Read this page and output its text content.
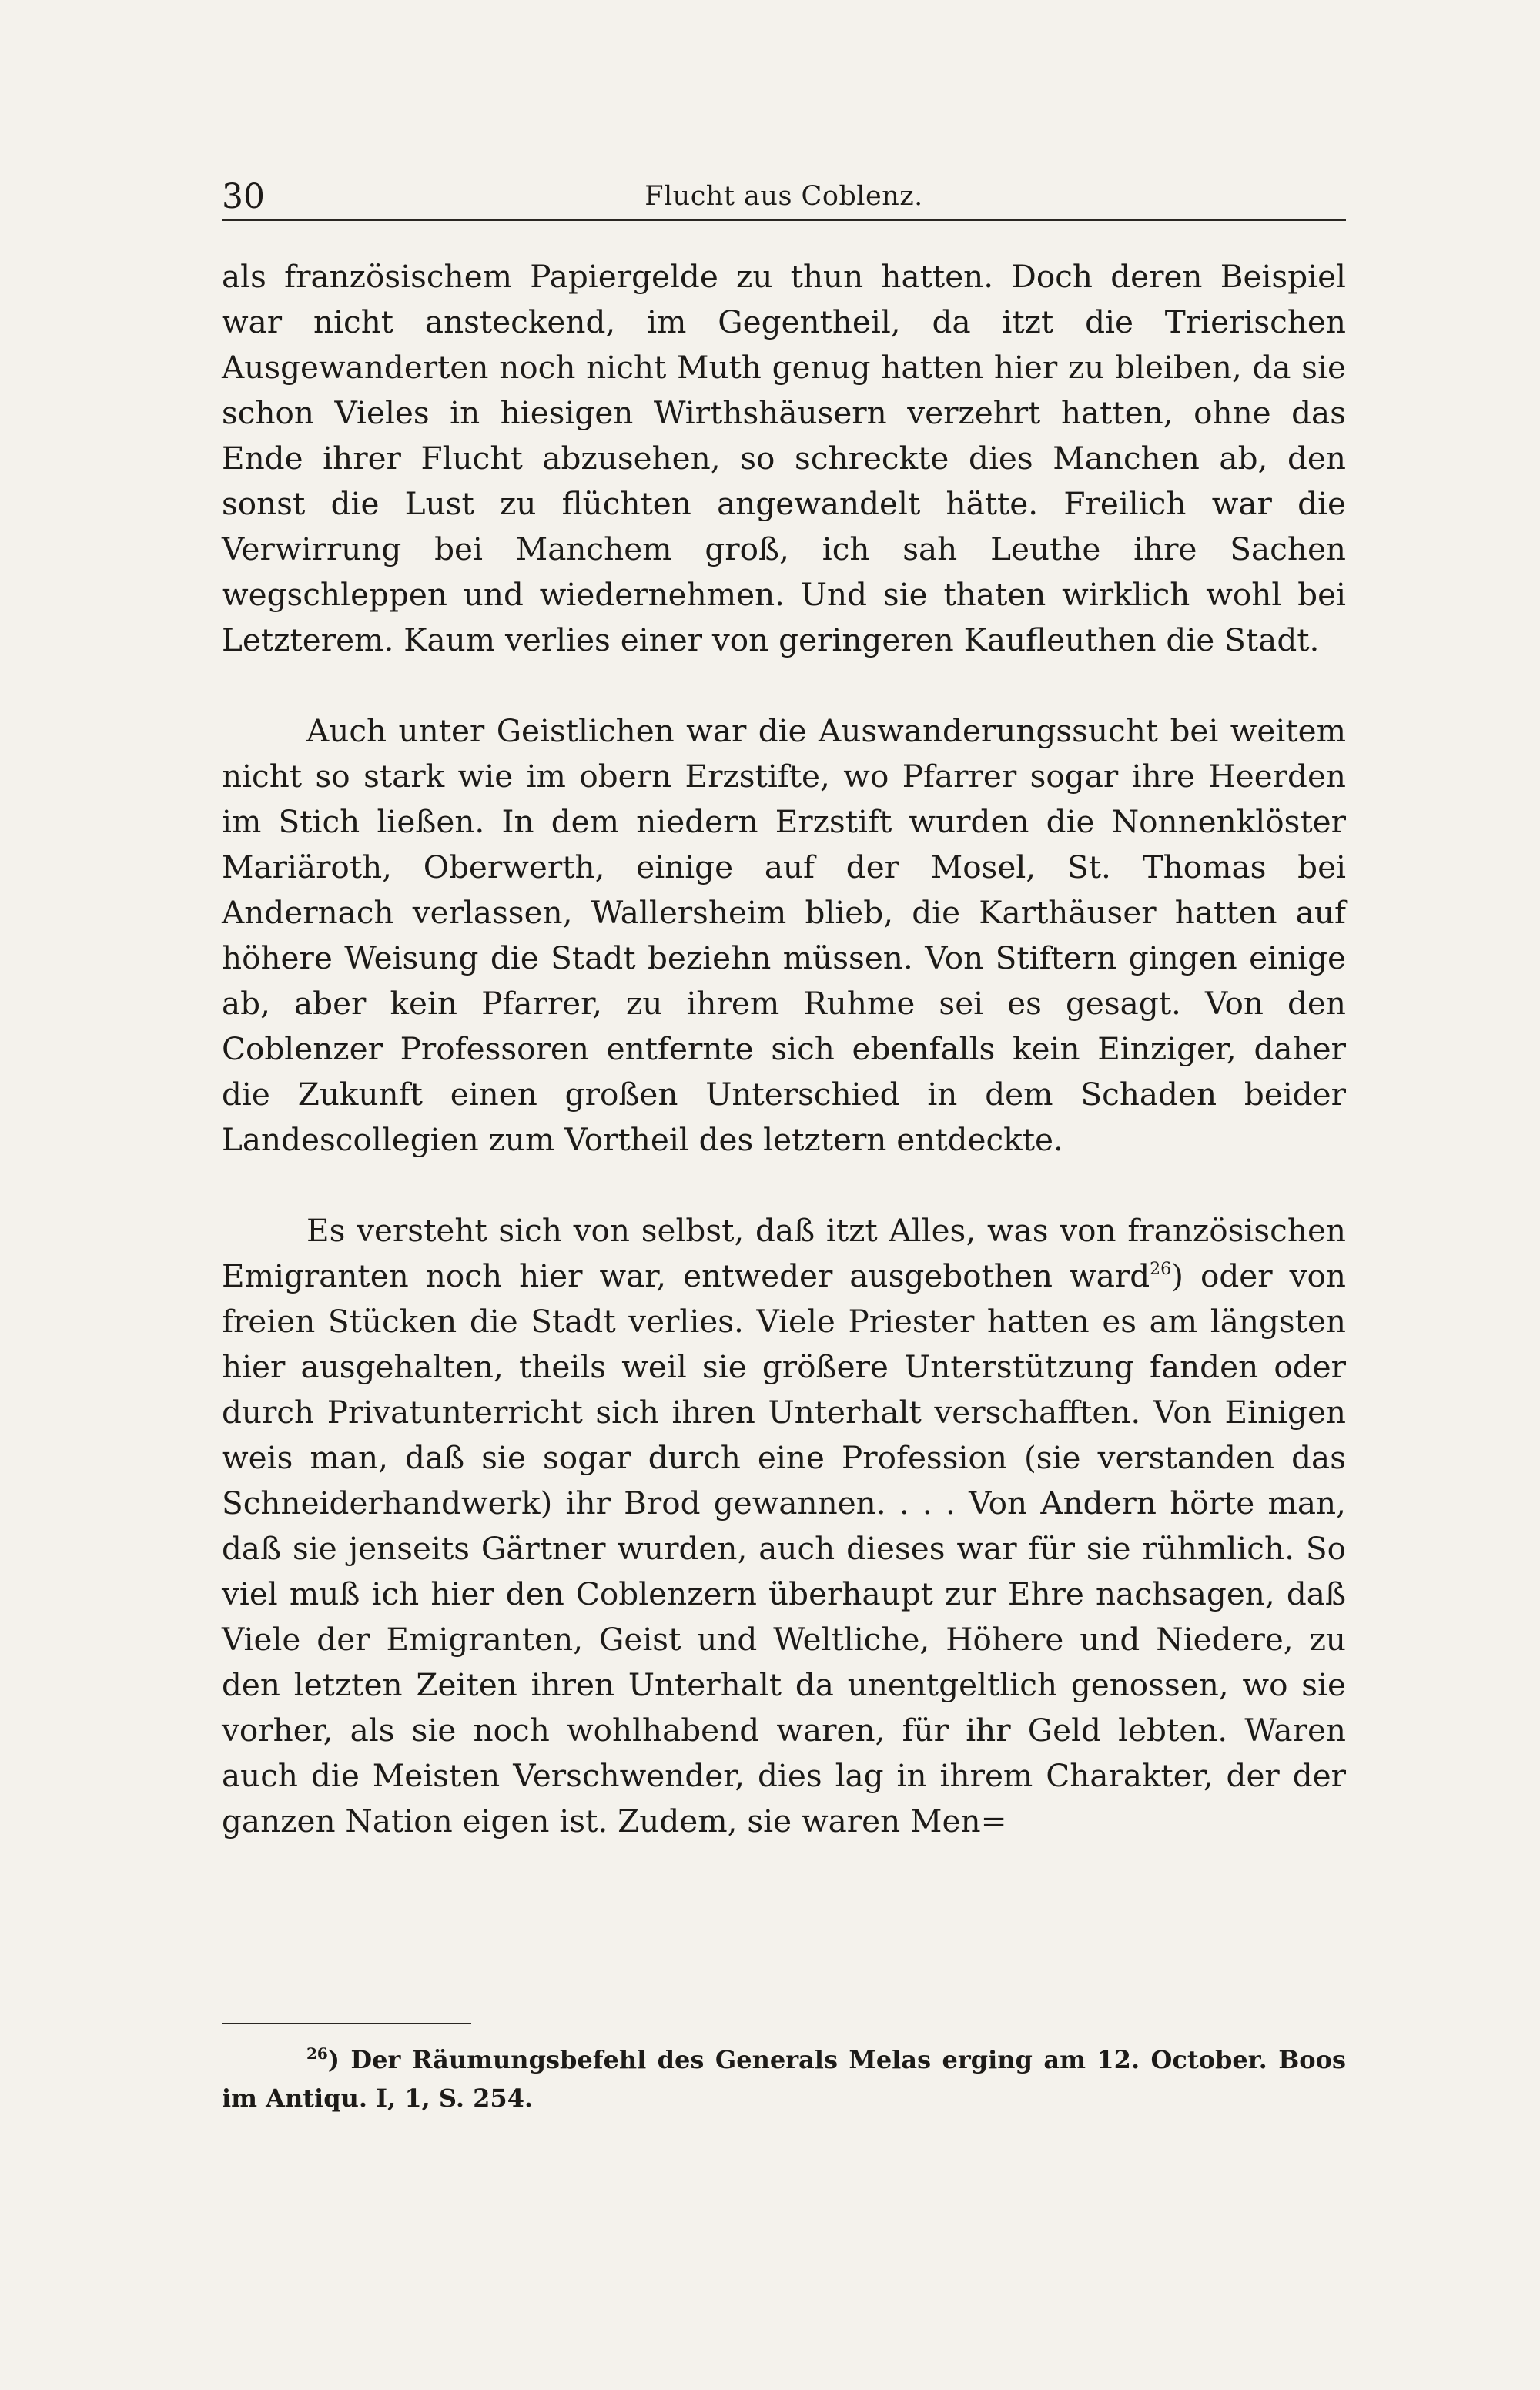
30	Flucht aus Coblenz.

als französischem Papiergelde zu thun hatten. Doch deren Beispiel war nicht ansteckend, im Gegentheil, da itzt die Trierischen Ausgewanderten noch nicht Muth genug hatten hier zu bleiben, da sie schon Vieles in hiesigen Wirthshäusern verzehrt hatten, ohne das Ende ihrer Flucht abzusehen, so schreckte dies Manchen ab, den sonst die Lust zu flüchten angewandelt hätte. Freilich war die Verwirrung bei Manchem groß, ich sah Leuthe ihre Sachen wegschleppen und wiedernehmen. Und sie thaten wirklich wohl bei Letzterem. Kaum verlies einer von geringeren Kaufleuthen die Stadt.

Auch unter Geistlichen war die Auswanderungssucht bei weitem nicht so stark wie im obern Erzstifte, wo Pfarrer sogar ihre Heerden im Stich ließen. In dem niedern Erzstift wurden die Nonnenklöster Mariäroth, Oberwerth, einige auf der Mosel, St. Thomas bei Andernach verlassen, Wallersheim blieb, die Karthäuser hatten auf höhere Weisung die Stadt beziehn müssen. Von Stiftern gingen einige ab, aber kein Pfarrer, zu ihrem Ruhme sei es gesagt. Von den Coblenzer Professoren entfernte sich ebenfalls kein Einziger, daher die Zukunft einen großen Unterschied in dem Schaden beider Landescollegien zum Vortheil des letztern entdeckte.

Es versteht sich von selbst, daß itzt Alles, was von französischen Emigranten noch hier war, entweder ausgebothen ward$^{26}$) oder von freien Stücken die Stadt verlies. Viele Priester hatten es am längsten hier ausgehalten, theils weil sie größere Unterstützung fanden oder durch Privatunterricht sich ihren Unterhalt verschafften. Von Einigen weis man, daß sie sogar durch eine Profession (sie verstanden das Schneiderhandwerk) ihr Brod gewannen. . . . Von Andern hörte man, daß sie jenseits Gärtner wurden, auch dieses war für sie rühmlich. So viel muß ich hier den Coblenzern überhaupt zur Ehre nachsagen, daß Viele der Emigranten, Geist und Weltliche, Höhere und Niedere, zu den letzten Zeiten ihren Unterhalt da unentgeltlich genossen, wo sie vorher, als sie noch wohlhabend waren, für ihr Geld lebten. Waren auch die Meisten Verschwender, dies lag in ihrem Charakter, der der ganzen Nation eigen ist. Zudem, sie waren Men=

$^{26}$) Der Räumungsbefehl des Generals Melas erging am 12. October. Boos im Antiqu. I, 1, S. 254.
